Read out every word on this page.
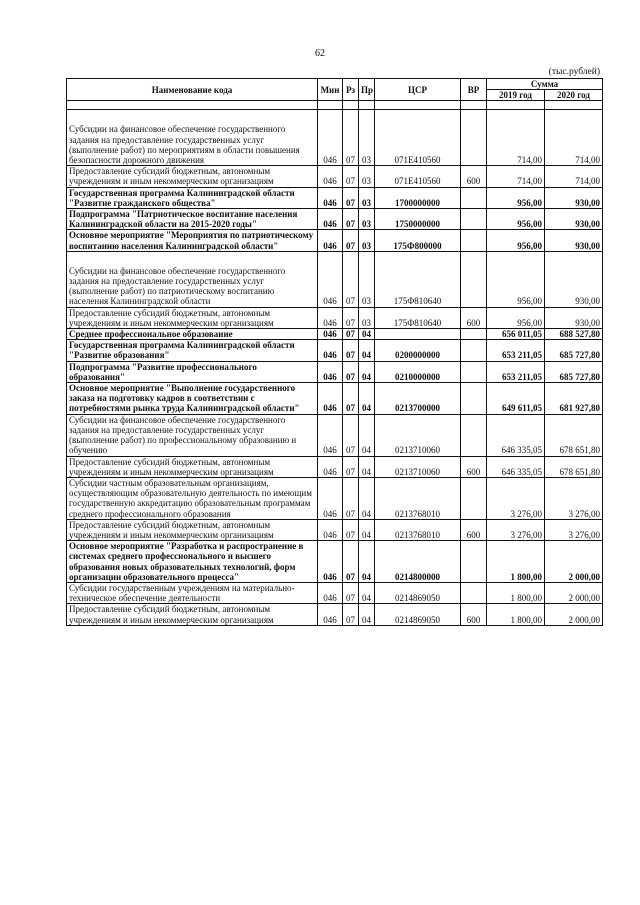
62
(тыс.рублей)
Наименование кода	Мин	Рз	Пр	ЦСР	ВР	Сумма	
						2019 год	2020 год

Субсидии на финансовое обеспечение государственного задания на предоставление государственных услуг (выполнение работ) по мероприятиям в области повышения безопасности дорожного движения	046	07	03	071Е410560		714,00	714,00
Предоставление субсидий бюджетным, автономным учреждениям и иным некоммерческим организациям	046	07	03	071Е410560	600	714,00	714,00
Государственная программа Калининградской области "Развитие гражданского общества"	046	07	03	1700000000		956,00	930,00
Подпрограмма "Патриотическое воспитание населения Калининградской области на 2015-2020 годы"	046	07	03	1750000000		956,00	930,00
Основное мероприятие "Мероприятия по патриотическому воспитанию населения Калининградской области"	046	07	03	175Ф800000		956,00	930,00
Субсидии на финансовое обеспечение государственного задания на предоставление государственных услуг (выполнение работ) по патриотическому воспитанию населения Калининградской области	046	07	03	175Ф810640		956,00	930,00
Предоставление субсидий бюджетным, автономным учреждениям и иным некоммерческим организациям	046	07	03	175Ф810640	600	956,00	930,00
Среднее профессиональное образование	046	07	04			656 011,05	688 527,80
Государственная программа Калининградской области "Развитие образования"	046	07	04	0200000000		653 211,05	685 727,80
Подпрограмма "Развитие профессионального образования"	046	07	04	0210000000		653 211,05	685 727,80
Основное мероприятие "Выполнение государственного заказа на подготовку кадров в соответствии с потребностями рынка труда Калининградской области"	046	07	04	0213700000		649 611,05	681 927,80
Субсидии на финансовое обеспечение государственного задания на предоставление государственных услуг (выполнение работ) по профессиональному образованию и обучению	046	07	04	0213710060		646 335,05	678 651,80
Предоставление субсидий бюджетным, автономным учреждениям и иным некоммерческим организациям	046	07	04	0213710060	600	646 335,05	678 651,80
Субсидии частным образовательным организациям, осуществляющим образовательную деятельность по имеющим государственную аккредитацию образовательным программам среднего профессионального образования	046	07	04	0213768010		3 276,00	3 276,00
Предоставление субсидий бюджетным, автономным учреждениям и иным некоммерческим организациям	046	07	04	0213768010	600	3 276,00	3 276,00
Основное мероприятие "Разработка и распространение в системах среднего профессионального и высшего образования новых образовательных технологий, форм организации образовательного процесса"	046	07	04	0214800000		1 800,00	2 000,00
Субсидии государственным учреждениям на материально-техническое обеспечение деятельности	046	07	04	0214869050		1 800,00	2 000,00
Предоставление субсидий бюджетным, автономным учреждениям и иным некоммерческим организациям	046	07	04	0214869050	600	1 800,00	2 000,00
